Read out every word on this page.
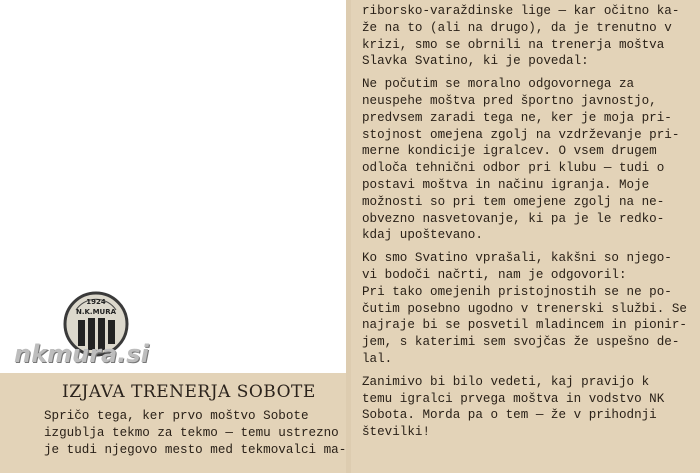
1924
N.K.MURA
nkmura.si
IZJAVA TRENERJA SOBOTE
Spričo tega, ker prvo moštvo Sobote
izgublja tekmo za tekmo — temu ustrezno
je tudi njegovo mesto med tekmovalci ma-
riborsko-varaždinske lige — kar očitno ka-
že na to (ali na drugo), da je trenutno v
krizi, smo se obrnili na trenerja moštva
Slavka Svatino, ki je povedal:
Ne počutim se moralno odgovornega za
neuspehe moštva pred športno javnostjo,
predvsem zaradi tega ne, ker je moja pri-
stojnost omejena zgolj na vzdrževanje pri-
merne kondicije igralcev. O vsem drugem
odloča tehnični odbor pri klubu — tudi o
postavi moštva in načinu igranja. Moje
možnosti so pri tem omejene zgolj na ne-
obvezno nasvetovanje, ki pa je le redko-
kdaj upoštevano.
Ko smo Svatino vprašali, kakšni so njego-
vi bodoči načrti, nam je odgovoril:
Pri tako omejenih pristojnostih se ne po-
čutim posebno ugodno v trenerski službi. Se
najraje bi se posvetil mladincem in pionir-
jem, s katerimi sem svojčas že uspešno de-
lal.
Zanimivo bi bilo vedeti, kaj pravijo k
temu igralci prvega moštva in vodstvo NK
Sobota. Morda pa o tem — že v prihodnji
številki!
